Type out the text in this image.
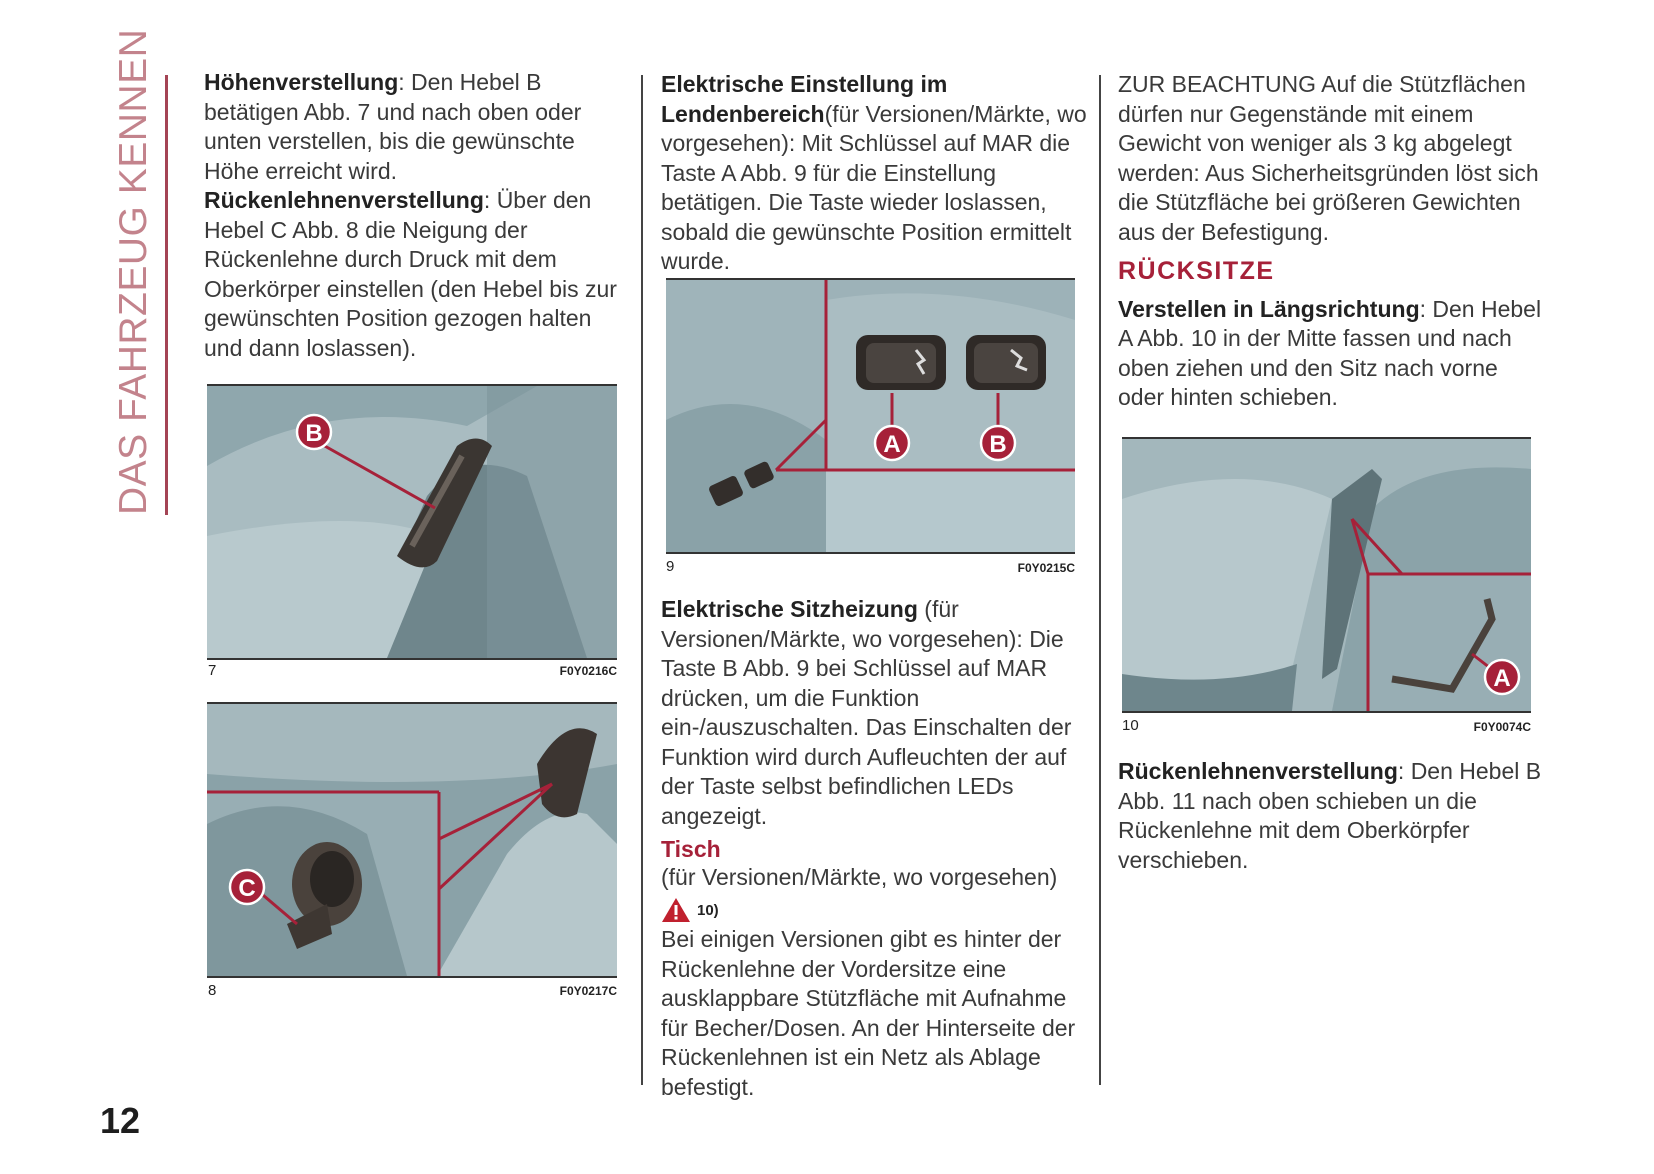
DAS FAHRZEUG KENNEN Höhenverstellung: Den Hebel B betätigen Abb. 7 und nach oben oder unten verstellen, bis die gewünschte Höhe erreicht wird.

Rückenlehnenverstellung: Über den Hebel C Abb. 8 die Neigung der Rückenlehne durch Druck mit dem Oberkörper einstellen (den Hebel bis zur gewünschten Position gezogen halten und dann loslassen).

B
7	F0Y0216C
C
8	F0Y0217C

Elektrische Einstellung im Lendenbereich(für Versionen/Märkte, wo vorgesehen): Mit Schlüssel auf MAR die Taste A Abb. 9 für die Einstellung betätigen. Die Taste wieder loslassen, sobald die gewünschte Position ermittelt wurde.

A	B
9	F0Y0215C

Elektrische Sitzheizung (für Versionen/Märkte, wo vorgesehen): Die Taste B Abb. 9 bei Schlüssel auf MAR drücken, um die Funktion ein-/auszuschalten. Das Einschalten der Funktion wird durch Aufleuchten der auf der Taste selbst befindlichen LEDs angezeigt.

Tisch

(für Versionen/Märkte, wo vorgesehen)

10)

Bei einigen Versionen gibt es hinter der Rückenlehne der Vordersitze eine ausklappbare Stützfläche mit Aufnahme für Becher/Dosen. An der Hinterseite der Rückenlehnen ist ein Netz als Ablage befestigt.

ZUR BEACHTUNG Auf die Stützflächen dürfen nur Gegenstände mit einem Gewicht von weniger als 3 kg abgelegt werden: Aus Sicherheitsgründen löst sich die Stützfläche bei größeren Gewichten aus der Befestigung.

RÜCKSITZE

Verstellen in Längsrichtung: Den Hebel A Abb. 10 in der Mitte fassen und nach oben ziehen und den Sitz nach vorne oder hinten schieben.

A
10	F0Y0074C

Rückenlehnenverstellung: Den Hebel B Abb. 11 nach oben schieben un die Rückenlehne mit dem Oberkörpfer verschieben.

12
